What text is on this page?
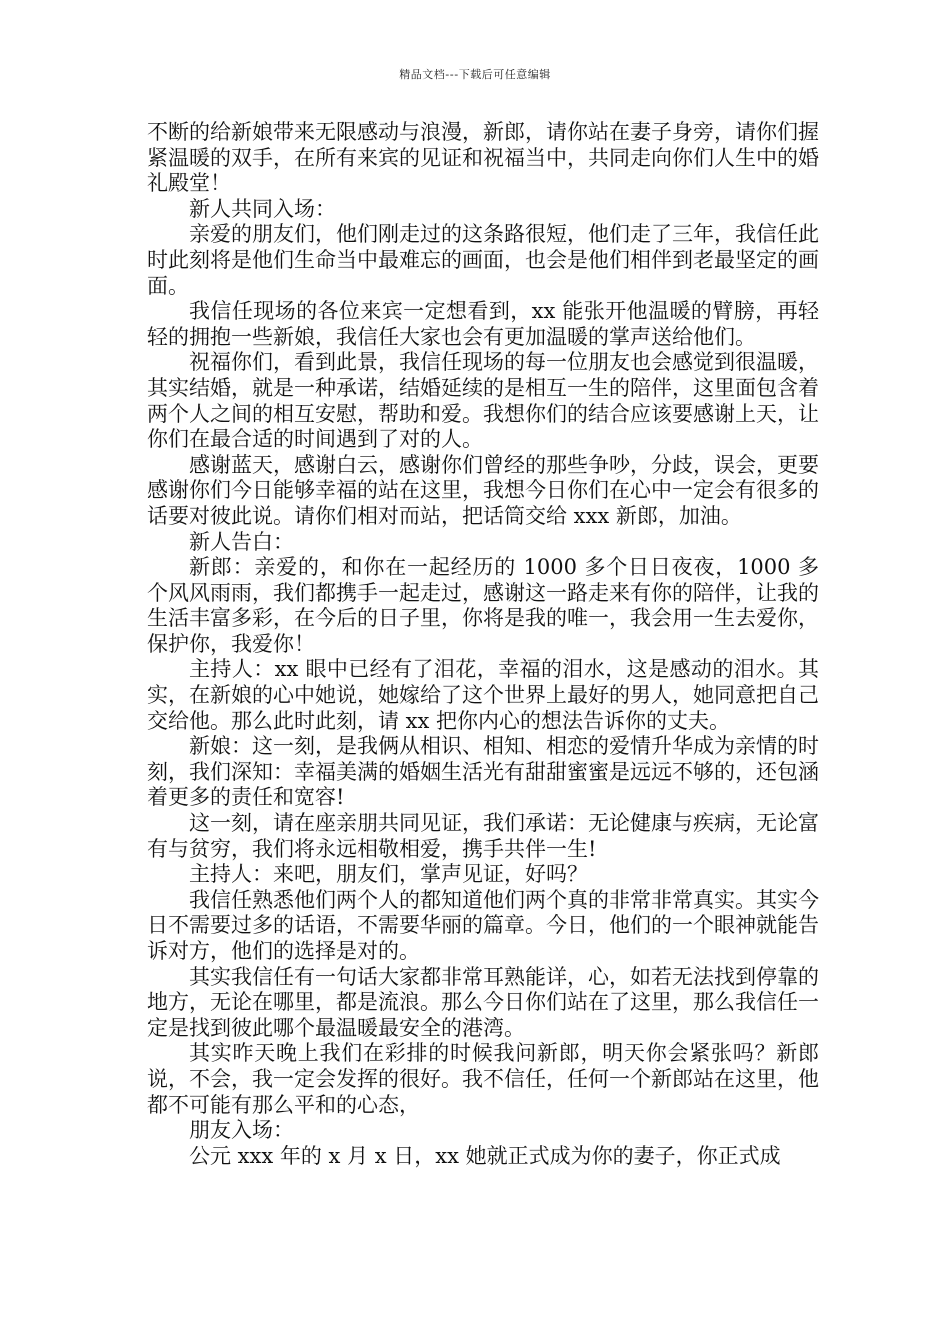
精品文档---下载后可任意编辑

不断的给新娘带来无限感动与浪漫，新郎，请你站在妻子身旁，请你们握紧温暖的双手，在所有来宾的见证和祝福当中，共同走向你们人生中的婚礼殿堂！

新人共同入场：

亲爱的朋友们，他们刚走过的这条路很短，他们走了三年，我信任此时此刻将是他们生命当中最难忘的画面，也会是他们相伴到老最坚定的画面。

我信任现场的各位来宾一定想看到，xx 能张开他温暖的臂膀，再轻轻的拥抱一些新娘，我信任大家也会有更加温暖的掌声送给他们。

祝福你们，看到此景，我信任现场的每一位朋友也会感觉到很温暖，其实结婚，就是一种承诺，结婚延续的是相互一生的陪伴，这里面包含着两个人之间的相互安慰，帮助和爱。我想你们的结合应该要感谢上天，让你们在最合适的时间遇到了对的人。

感谢蓝天，感谢白云，感谢你们曾经的那些争吵，分歧，误会，更要感谢你们今日能够幸福的站在这里，我想今日你们在心中一定会有很多的话要对彼此说。请你们相对而站，把话筒交给 xxx 新郎，加油。

新人告白：

新郎：亲爱的，和你在一起经历的 1000 多个日日夜夜，1000 多个风风雨雨，我们都携手一起走过，感谢这一路走来有你的陪伴，让我的生活丰富多彩，在今后的日子里，你将是我的唯一，我会用一生去爱你，保护你，我爱你！

主持人：xx 眼中已经有了泪花，幸福的泪水，这是感动的泪水。其实，在新娘的心中她说，她嫁给了这个世界上最好的男人，她同意把自己交给他。那么此时此刻，请 xx 把你内心的想法告诉你的丈夫。

新娘：这一刻，是我俩从相识、相知、相恋的爱情升华成为亲情的时刻，我们深知：幸福美满的婚姻生活光有甜甜蜜蜜是远远不够的，还包涵着更多的责任和宽容!

这一刻，请在座亲朋共同见证，我们承诺：无论健康与疾病，无论富有与贫穷，我们将永远相敬相爱，携手共伴一生!

主持人：来吧，朋友们，掌声见证，好吗？

我信任熟悉他们两个人的都知道他们两个真的非常非常真实。其实今日不需要过多的话语，不需要华丽的篇章。今日，他们的一个眼神就能告诉对方，他们的选择是对的。

其实我信任有一句话大家都非常耳熟能详，心，如若无法找到停靠的地方，无论在哪里，都是流浪。那么今日你们站在了这里，那么我信任一定是找到彼此哪个最温暖最安全的港湾。

其实昨天晚上我们在彩排的时候我问新郎，明天你会紧张吗？新郎说，不会，我一定会发挥的很好。我不信任，任何一个新郎站在这里，他都不可能有那么平和的心态，

朋友入场：

公元 xxx 年的 x 月 x 日，xx 她就正式成为你的妻子，你正式成
